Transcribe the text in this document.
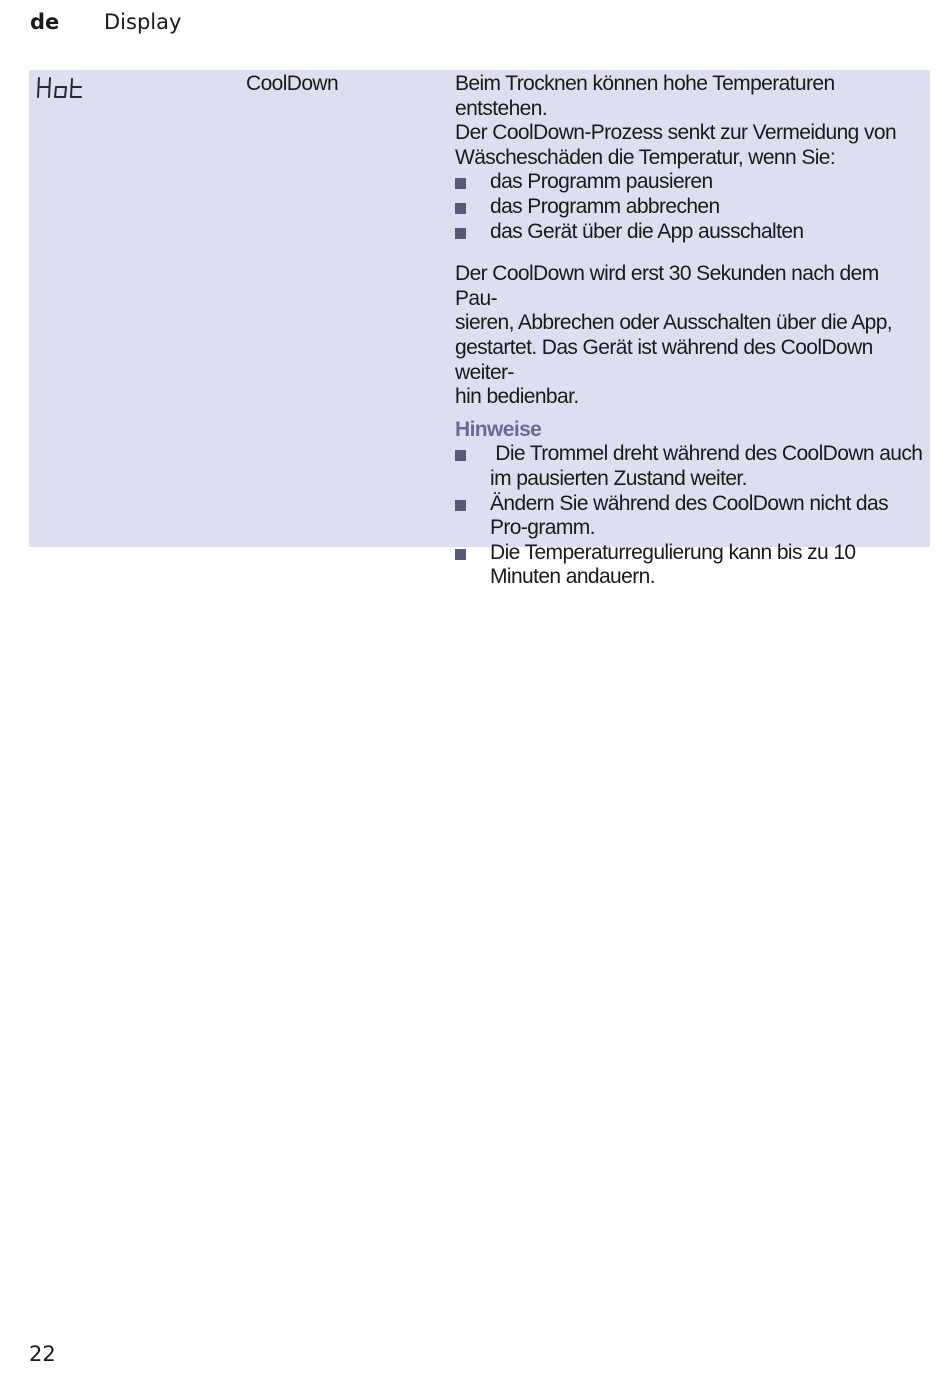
de	Display
CoolDown	Beim Trocknen können hohe Temperaturen entstehen.
Der CoolDown-Prozess senkt zur Vermeidung von
Wäscheschäden die Temperatur, wenn Sie:

das Programm pausieren
das Programm abbrechen
das Gerät über die App ausschalten

Der CoolDown wird erst 30 Sekunden nach dem Pau-
sieren, Abbrechen oder Ausschalten über die App,
gestartet. Das Gerät ist während des CoolDown weiter-
hin bedienbar.

Hinweise
Die Trommel dreht während des CoolDown auch im pausierten Zustand weiter.
Ändern Sie während des CoolDown nicht das Pro-gramm.
Die Temperaturregulierung kann bis zu 10 Minuten andauern.
22
